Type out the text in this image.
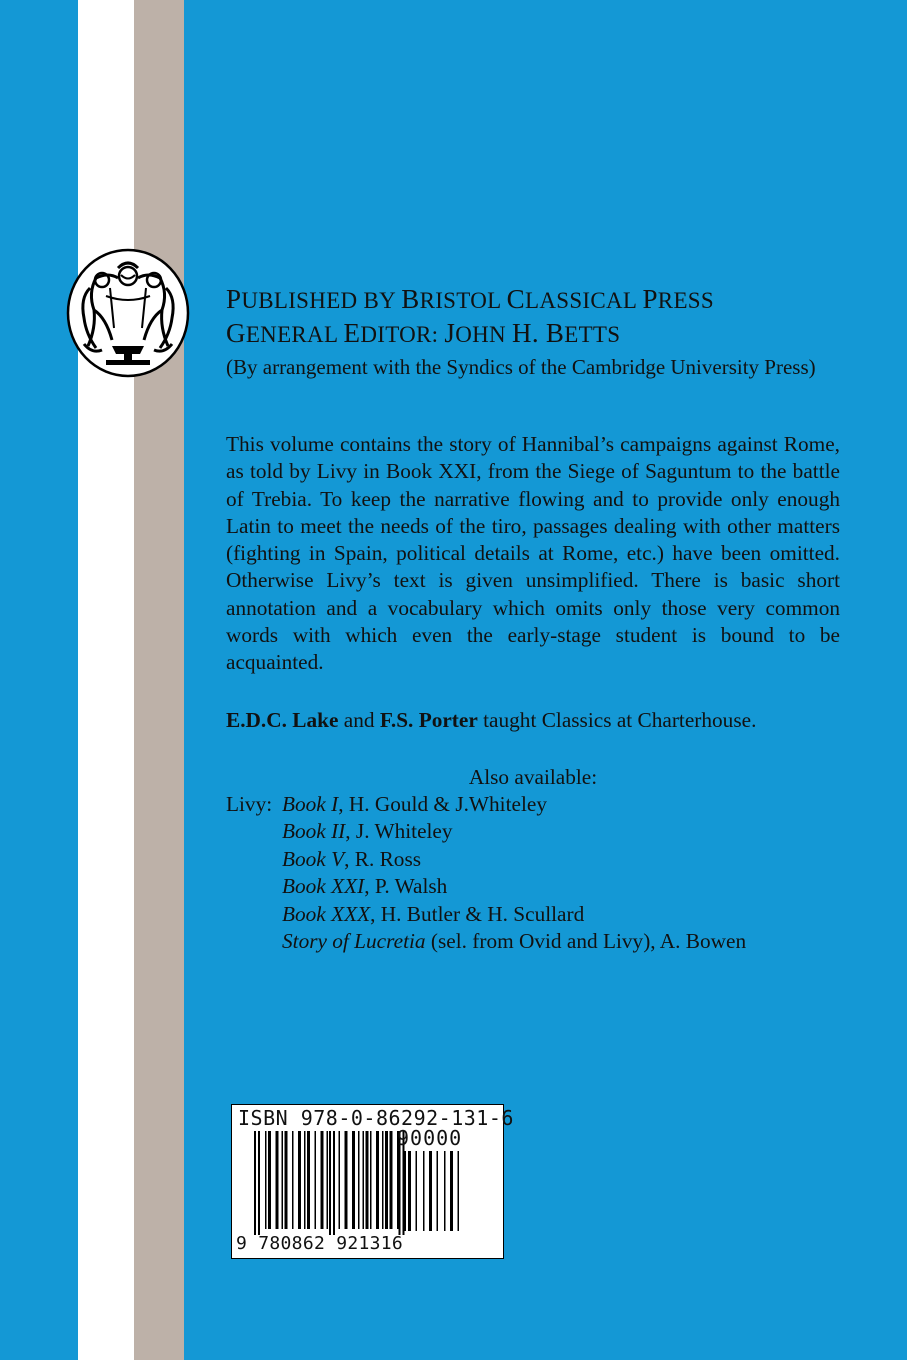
PUBLISHED BY BRISTOL CLASSICAL PRESS
GENERAL EDITOR: JOHN H. BETTS
(By arrangement with the Syndics of the Cambridge University Press)
This volume contains the story of Hannibal’s campaigns against Rome, as told by Livy in Book XXI, from the Siege of Saguntum to the battle of Trebia. To keep the narrative flowing and to provide only enough Latin to meet the needs of the tiro, passages dealing with other matters (fighting in Spain, political details at Rome, etc.) have been omitted. Otherwise Livy’s text is given unsimplified. There is basic short annotation and a vocabulary which omits only those very common words with which even the early-stage student is bound to be acquainted.
E.D.C. Lake and F.S. Porter taught Classics at Charterhouse.
Also available:
Livy: Book I, H. Gould & J.Whiteley
Book II, J. Whiteley
Book V, R. Ross
Book XXI, P. Walsh
Book XXX, H. Butler & H. Scullard
Story of Lucretia (sel. from Ovid and Livy), A. Bowen
ISBN 978-0-86292-131-6
90000
9 780862 921316
